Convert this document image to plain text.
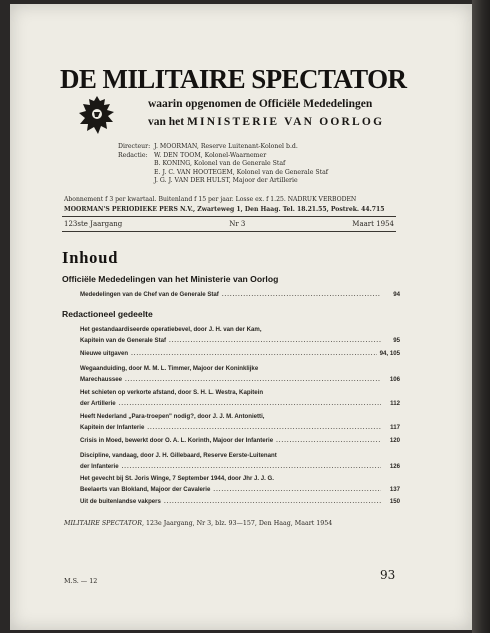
DE MILITAIRE SPECTATOR
waarin opgenomen de Officiële Mededelingen
van het MINISTERIE VAN OORLOG
Directeur: J. MOORMAN, Reserve Luitenant-Kolonel b.d.
Redactie:	W. DEN TOOM, Kolonel-Waarnemer
B. KONING, Kolonel van de Generale Staf
E. J. C. VAN HOOTEGEM, Kolonel van de Generale Staf
J. G. J. VAN DER HULST, Majoor der Artillerie
Abonnement f 3 per kwartaal. Buitenland f 15 per jaar. Losse ex. f 1.25. NADRUK VERBODEN
MOORMAN'S PERIODIEKE PERS N.V., Zwarteweg 1, Den Haag. Tel. 18.21.55, Postrek. 44.715
123ste Jaargang	Nr 3	Maart 1954
Inhoud
Officiële Mededelingen van het Ministerie van Oorlog
Mededelingen van de Chef van de Generale Staf .....	94
Redactioneel gedeelte
Het gestandaardiseerde operatiebevel, door J. H. van der Kam,
Kapitein van de Generale Staf .....	95
Nieuwe uitgaven .....	94, 105
Wegaanduiding, door M. M. L. Timmer, Majoor der Koninklijke
Marechaussee .....	106
Het schieten op verkorte afstand, door S. H. L. Westra, Kapitein
der Artillerie .....	112
Heeft Nederland „Para-troepen" nodig?, door J. J. M. Antonietti,
Kapitein der Infanterie .....	117
Crisis in Moed, bewerkt door O. A. L. Korinth, Majoor der Infanterie .....	120
Discipline, vandaag, door J. H. Gillebaard, Reserve Eerste-Luitenant
der Infanterie .....	126
Het gevecht bij St. Joris Winge, 7 September 1944, door Jhr J. J. G.
Beelaerts van Blokland, Majoor der Cavalerie .....	137
Uit de buitenlandse vakpers .....	150
MILITAIRE SPECTATOR, 123e Jaargang, Nr 3, blz. 93—157, Den Haag, Maart 1954
M.S. — 12	93
